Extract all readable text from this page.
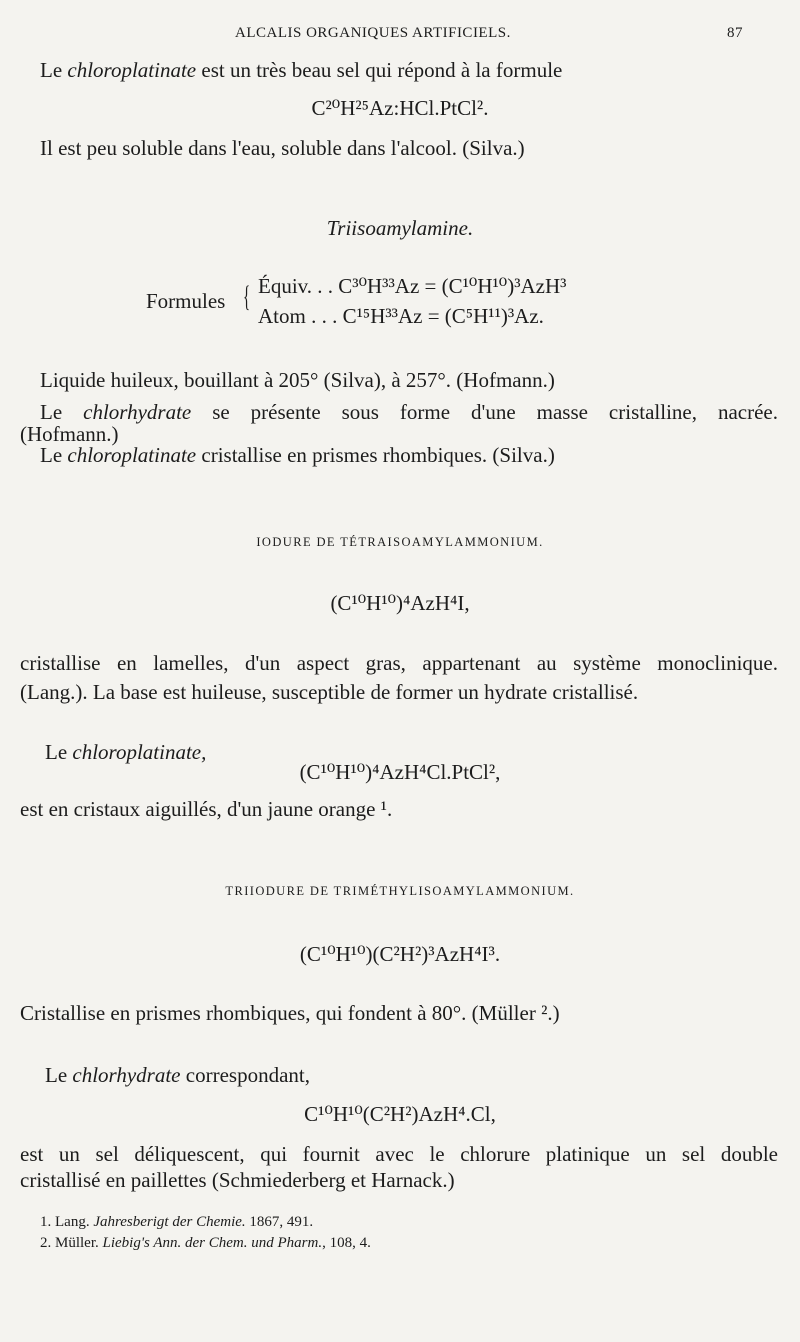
ALCALIS ORGANIQUES ARTIFICIELS.	87
Le chloroplatinate est un très beau sel qui répond à la formule
C²⁰H²⁵Az:HCl.PtCl².
Il est peu soluble dans l'eau, soluble dans l'alcool. (Silva.)
Triisoamylamine.
Formules { Équiv. . . C³⁰H³³Az = (C¹⁰H¹⁰)³AzH³
Atom . . . C¹⁵H³³Az = (C⁵H¹¹)³Az.
Liquide huileux, bouillant à 205° (Silva), à 257°. (Hofmann.)
Le chlorhydrate se présente sous forme d'une masse cristalline, nacrée.
(Hofmann.)
Le chloroplatinate cristallise en prismes rhombiques. (Silva.)
IODURE DE TÉTRAISOAMYLAMMONIUM.
(C¹⁰H¹⁰)⁴AzH⁴I,
cristallise en lamelles, d'un aspect gras, appartenant au système monoclinique.
(Lang.). La base est huileuse, susceptible de former un hydrate cristallisé.
Le chloroplatinate,
(C¹⁰H¹⁰)⁴AzH⁴Cl.PtCl²,
est en cristaux aiguillés, d'un jaune orange ¹.
TRIIODURE DE TRIMÉTHYLISOAMYLAMMONIUM.
(C¹⁰H¹⁰)(C²H²)³AzH⁴I³.
Cristallise en prismes rhombiques, qui fondent à 80°. (Müller ².)
Le chlorhydrate correspondant,
C¹⁰H¹⁰(C²H²)AzH⁴.Cl,
est un sel déliquescent, qui fournit avec le chlorure platinique un sel double
cristallisé en paillettes (Schmiederberg et Harnack.)
1. Lang. Jahresberigt der Chemie. 1867, 491.
2. Müller. Liebig's Ann. der Chem. und Pharm., 108, 4.
